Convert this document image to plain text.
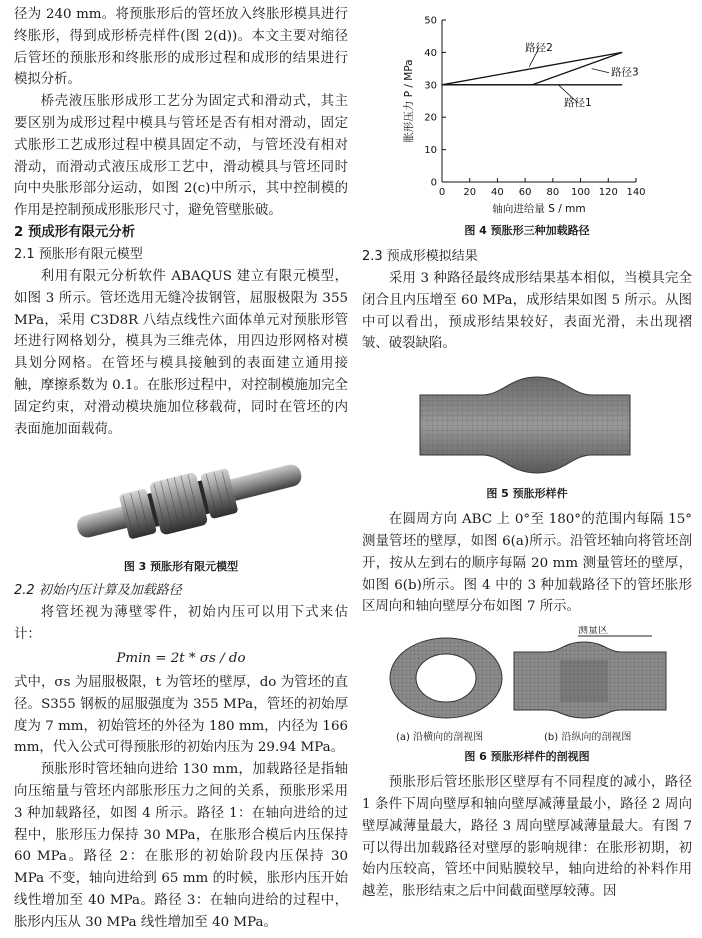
径为 240 mm。将预胀形后的管坯放入终胀形模具进行终胀形，得到成形桥壳样件(图 2(d))。本文主要对缩径后管坯的预胀形和终胀形的成形过程和成形的结果进行模拟分析。

桥壳液压胀形成形工艺分为固定式和滑动式，其主要区别为成形过程中模具与管坯是否有相对滑动，固定式胀形工艺成形过程中模具固定不动，与管坯没有相对滑动，而滑动式液压成形工艺中，滑动模具与管坯同时向中央胀形部分运动，如图 2(c)中所示，其中控制模的作用是控制预成形胀形尺寸，避免管壁胀破。

2 预成形有限元分析
2.1 预胀形有限元模型

利用有限元分析软件 ABAQUS 建立有限元模型，如图 3 所示。管坯选用无缝冷拔钢管，屈服极限为 355 MPa，采用 C3D8R 八结点线性六面体单元对预胀形管坯进行网格划分，模具为三维壳体，用四边形网格对模具划分网格。在管坯与模具接触到的表面建立通用接触，摩擦系数为 0.1。在胀形过程中，对控制模施加完全固定约束，对滑动模块施加位移载荷，同时在管坯的内表面施加面载荷。

图 3 预胀形有限元模型
2.2 初始内压计算及加载路径

将管坯视为薄壁零件，初始内压可以用下式来估计：

Pmin = 2t * σs / do

式中，σs 为屈服极限，t 为管坯的壁厚，do 为管坯的直径。S355 钢板的屈服强度为 355 MPa，管坯的初始厚度为 7 mm，初始管坯的外径为 180 mm，内径为 166 mm，代入公式可得预胀形的初始内压为 29.94 MPa。

预胀形时管坯轴向进给 130 mm，加载路径是指轴向压缩量与管坯内部胀形压力之间的关系，预胀形采用 3 种加载路径，如图 4 所示。路径 1：在轴向进给的过程中，胀形压力保持 30 MPa，在胀形合模后内压保持 60 MPa。路径 2：在胀形的初始阶段内压保持 30 MPa 不变，轴向进给到 65 mm 的时候，胀形内压开始线性增加至 40 MPa。路径 3：在轴向进给的过程中，胀形内压从 30 MPa 线性增加至 40 MPa。

0 20 40 60 80 100 120 140
0
10
20
30
40
50
轴向进给量 S / mm
胀形压力 P / MPa
路径2
路径3
路径1
图 4 预胀形三种加载路径
2.3 预成形模拟结果

采用 3 种路径最终成形结果基本相似，当模具完全闭合且内压增至 60 MPa，成形结果如图 5 所示。从图中可以看出，预成形结果较好，表面光滑，未出现褶皱、破裂缺陷。

图 5 预胀形样件

在圆周方向 ABC 上 0°至 180°的范围内每隔 15°测量管坯的壁厚，如图 6(a)所示。沿管坯轴向将管坯剖开，按从左到右的顺序每隔 20 mm 测量管坯的壁厚，如图 6(b)所示。图 4 中的 3 种加载路径下的管坯胀形区周向和轴向壁厚分布如图 7 所示。

测量区
(a) 沿横向的剖视图	(b) 沿纵向的剖视图
图 6 预胀形样件的剖视图

预胀形后管坯胀形区壁厚有不同程度的减小，路径 1 条件下周向壁厚和轴向壁厚减薄量最小，路径 2 周向壁厚减薄量最大，路径 3 周向壁厚减薄量最大。有图 7 可以得出加载路径对壁厚的影响规律：在胀形初期，初始内压较高，管坯中间贴膜较早，轴向进给的补料作用越差，胀形结束之后中间截面壁厚较薄。因
